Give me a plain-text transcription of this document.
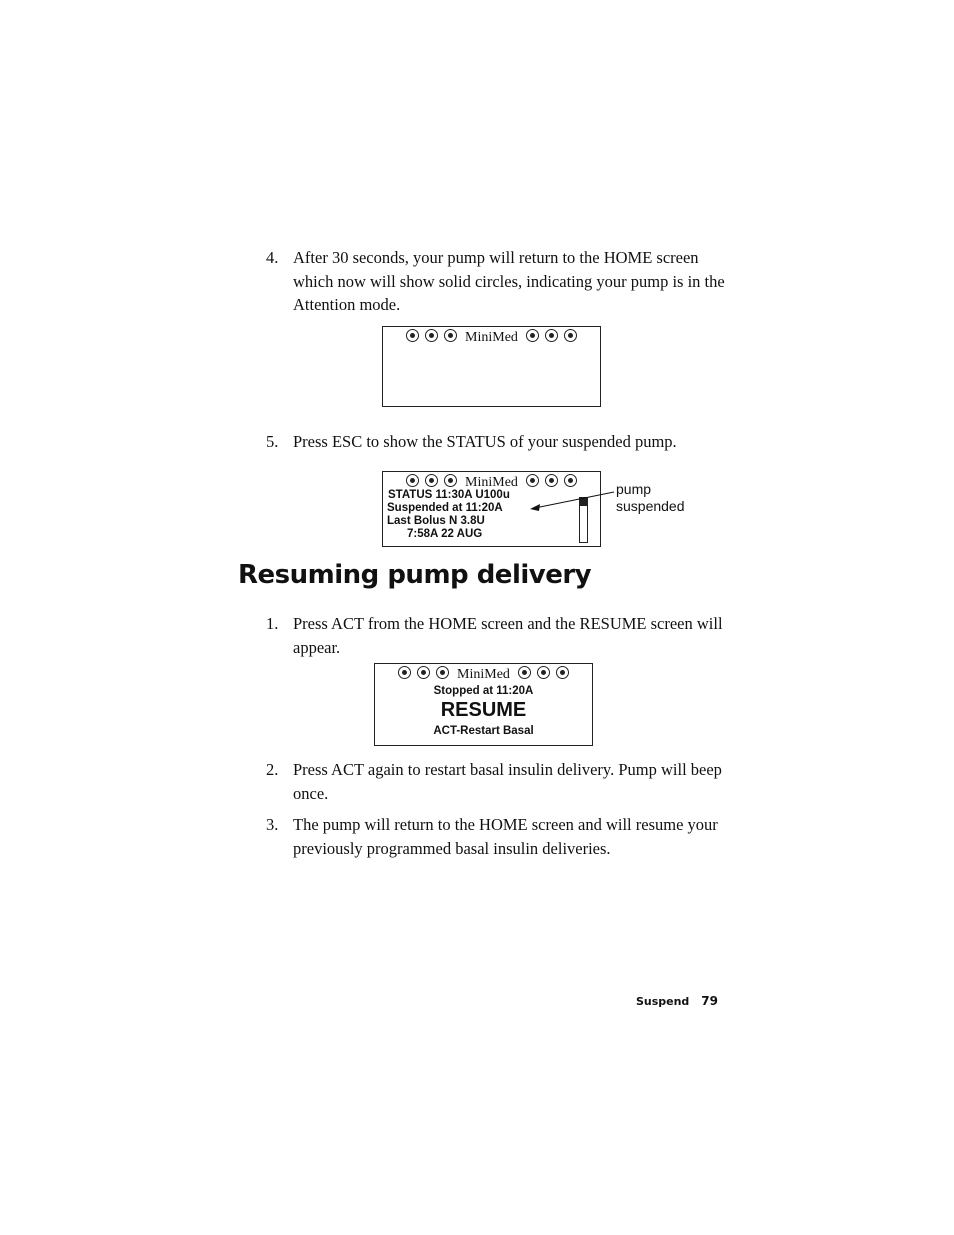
4. After 30 seconds, your pump will return to the HOME screen which now will show solid circles, indicating your pump is in the Attention mode.
MiniMed
5. Press ESC to show the STATUS of your suspended pump.
MiniMed
STATUS 11:30A U100u
Suspended at 11:20A
Last Bolus N 3.8U
7:58A 22 AUG
pump
suspended
Resuming pump delivery
1. Press ACT from the HOME screen and the RESUME screen will appear.
MiniMed
Stopped at 11:20A
RESUME
ACT-Restart Basal
2. Press ACT again to restart basal insulin delivery. Pump will beep once.
3. The pump will return to the HOME screen and will resume your previously programmed basal insulin deliveries.
Suspend 79
